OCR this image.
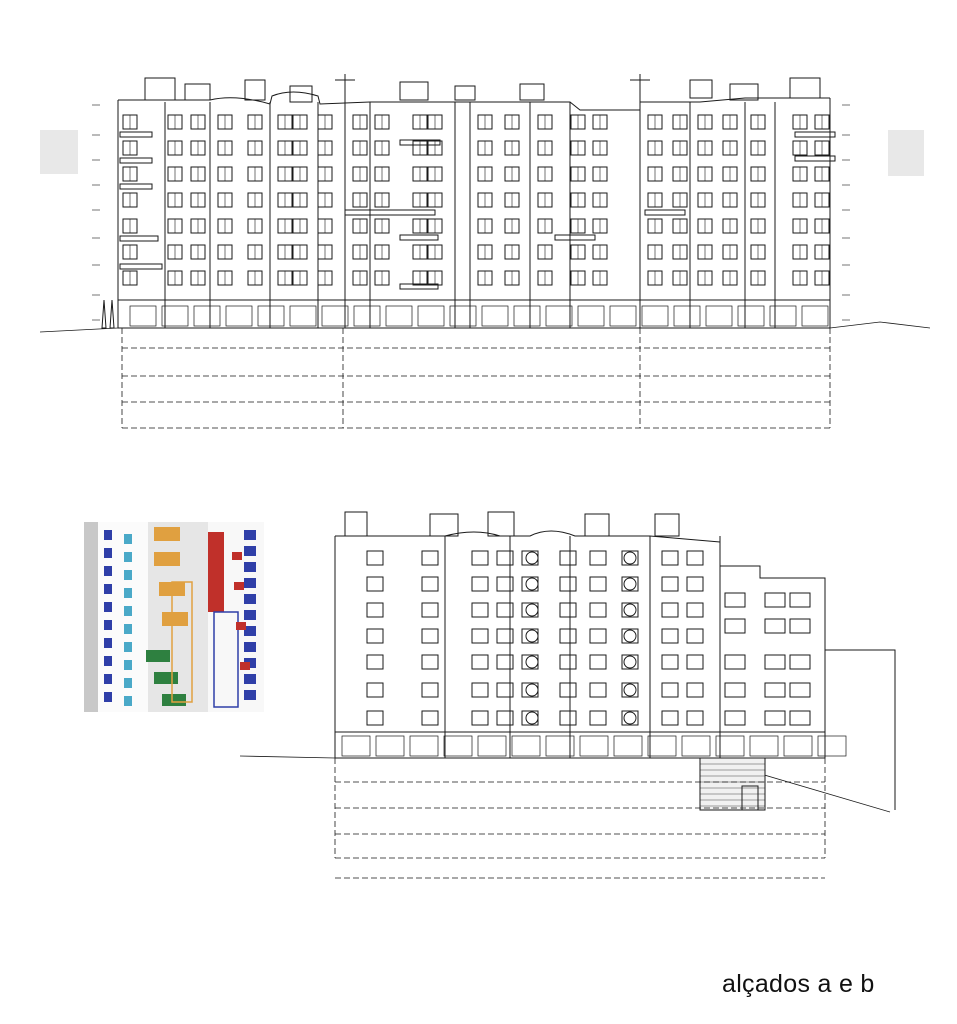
alçados a e b
